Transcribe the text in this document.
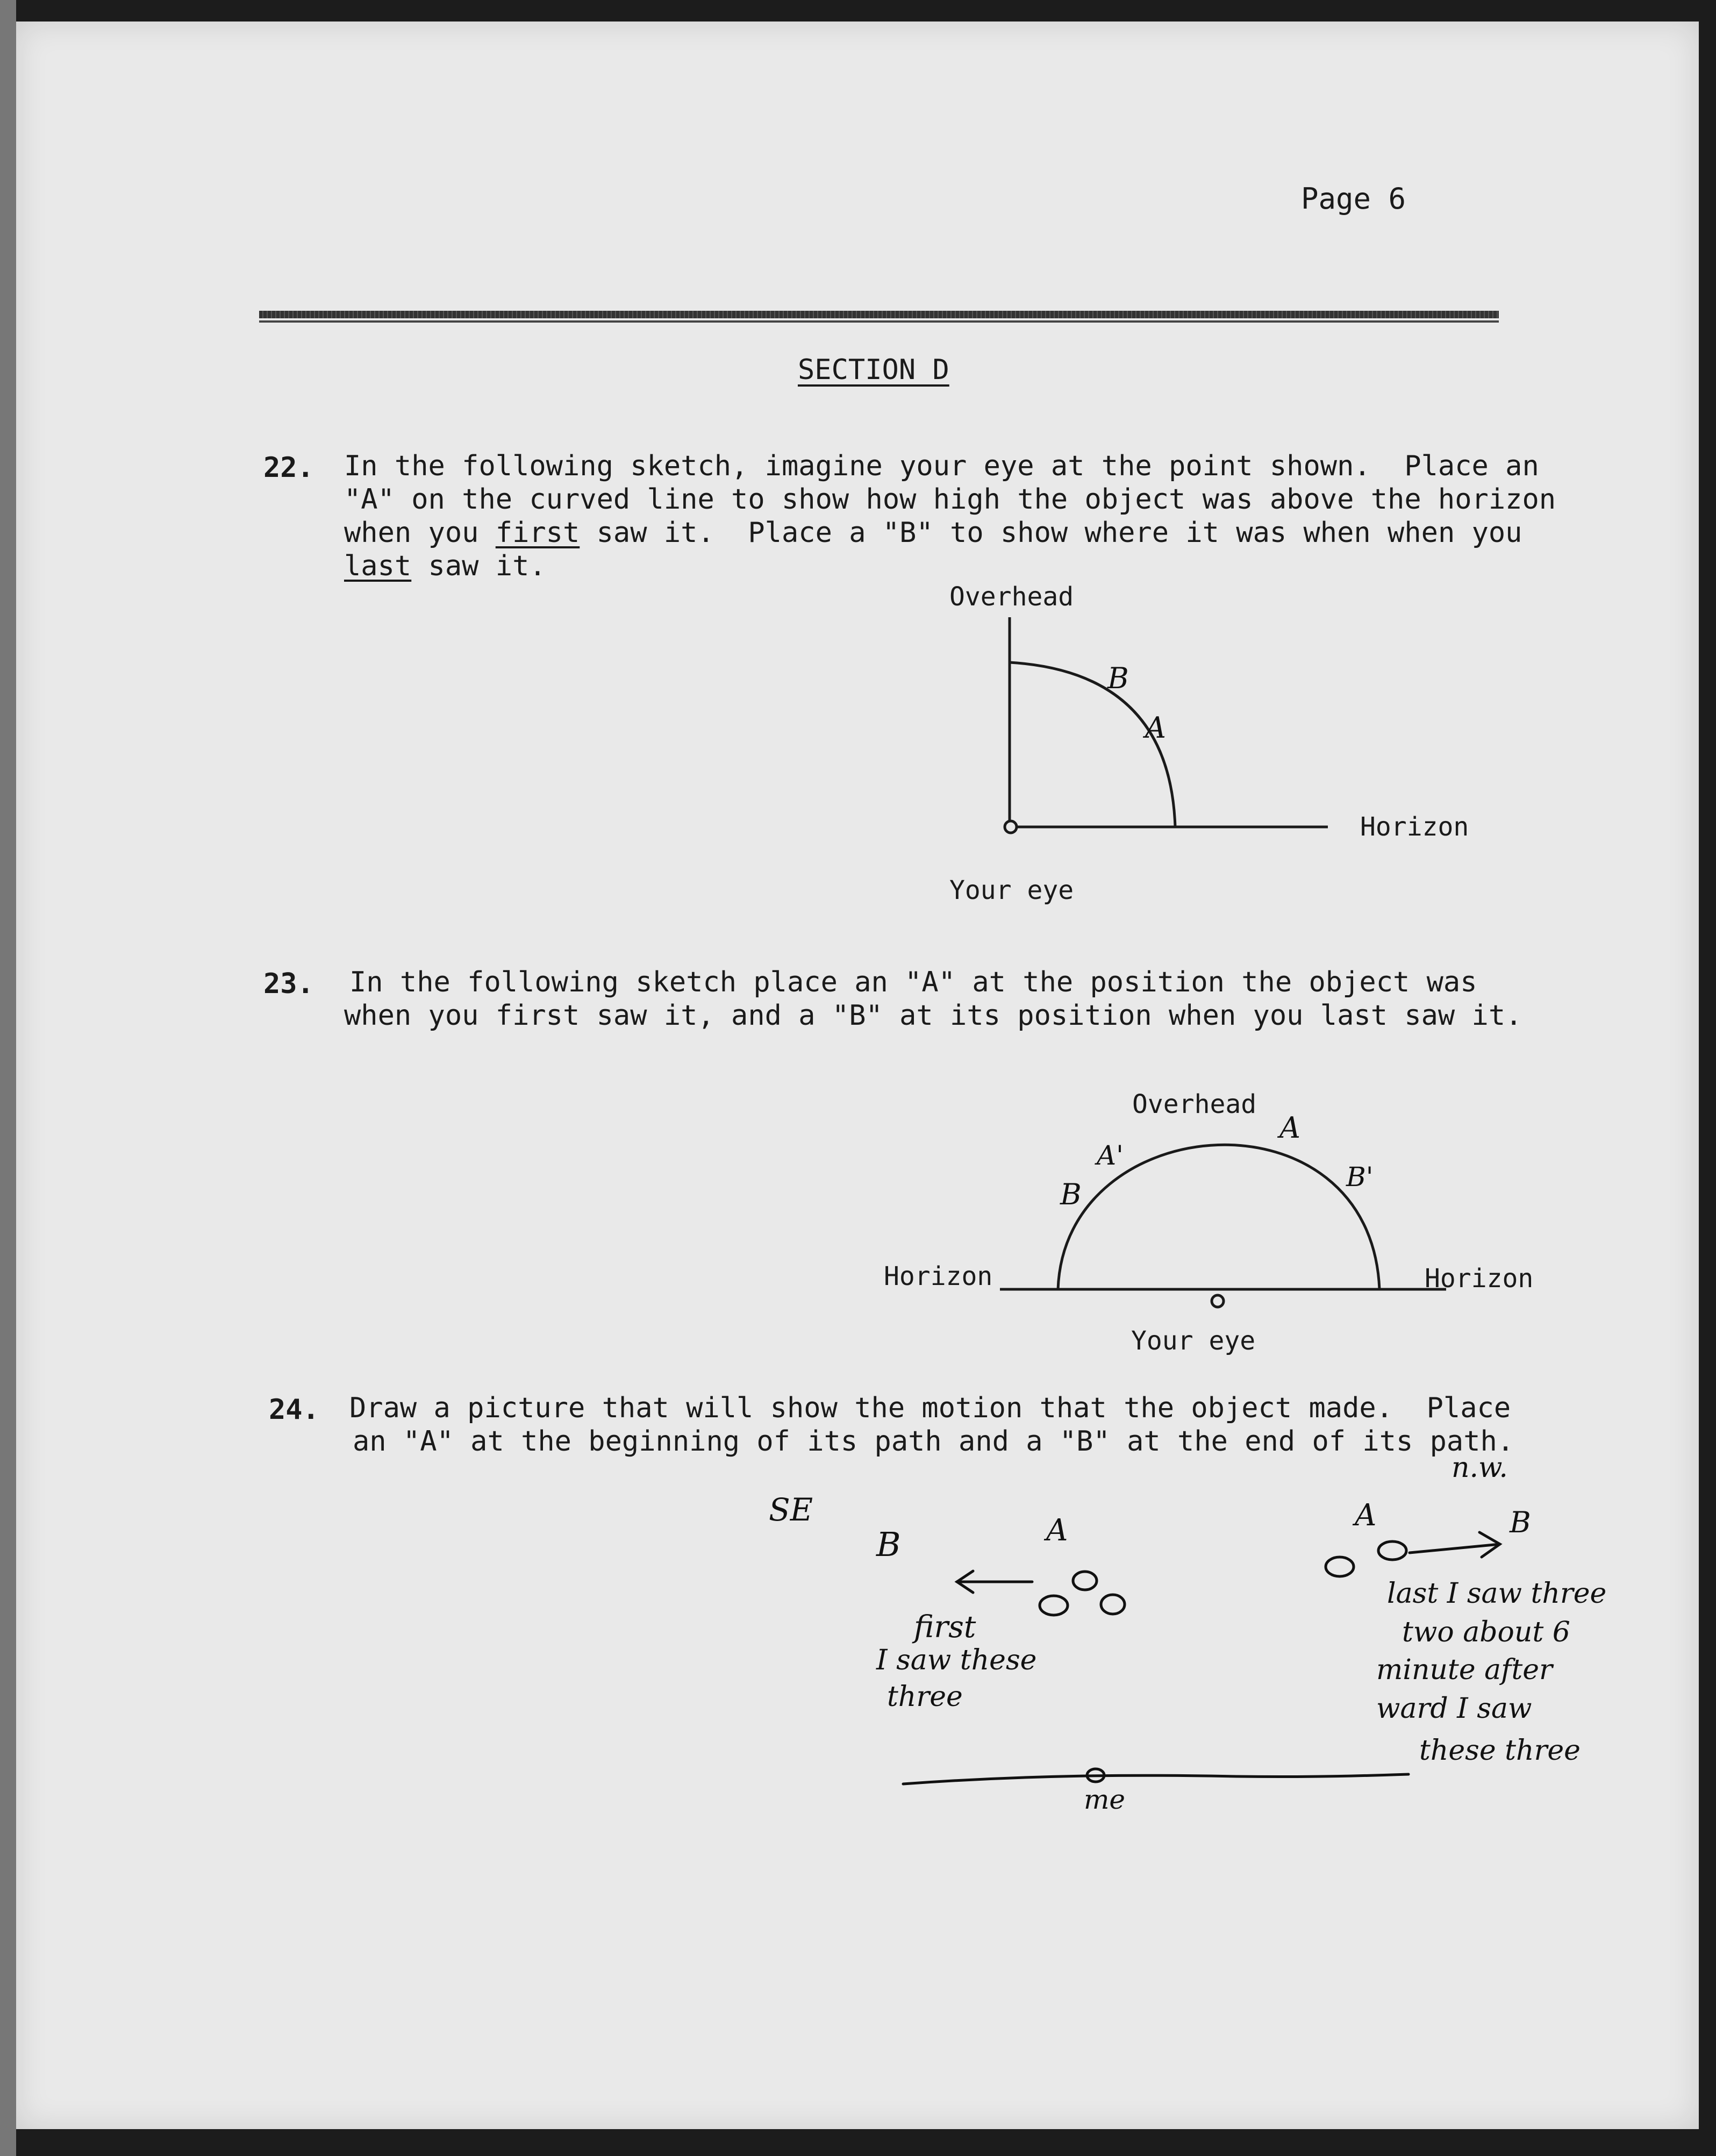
Page 6
SECTION D
22. In the following sketch, imagine your eye at the point shown.  Place an
"A" on the curved line to show how high the object was above the horizon
when you first saw it.  Place a "B" to show where it was when when you
last saw it.
Overhead
Horizon
Your eye
B
A
23. In the following sketch place an "A" at the position the object was
when you first saw it, and a "B" at its position when you last saw it.
Overhead
Horizon	Horizon
Your eye
B
A'
A
B'
24. Draw a picture that will show the motion that the object made.  Place
an "A" at the beginning of its path and a "B" at the end of its path.
n.w.
SE
B	A
first
I saw these
three
A	B
last I saw three
two about 6
minute after
ward I saw
these three
me
